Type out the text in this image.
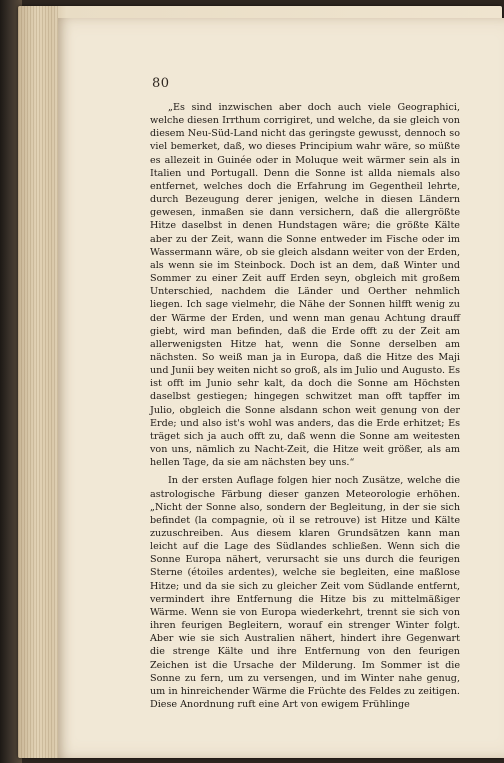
80

„Es sind inzwischen aber doch auch viele Geographici, welche diesen Irrthum corrigiret, und welche, da sie gleich von diesem Neu-Süd-Land nicht das geringste gewusst, dennoch so viel bemerket, daß, wo dieses Principium wahr wäre, so müßte es allezeit in Guinée oder in Moluque weit wärmer sein als in Italien und Portugall. Denn die Sonne ist allda niemals also entfernet, welches doch die Erfahrung im Gegentheil lehrte, durch Bezeugung derer jenigen, welche in diesen Ländern gewesen, inmaßen sie dann versichern, daß die allergrößte Hitze daselbst in denen Hundstagen wäre; die größte Kälte aber zu der Zeit, wann die Sonne entweder im Fische oder im Wassermann wäre, ob sie gleich alsdann weiter von der Erden, als wenn sie im Steinbock. Doch ist an dem, daß Winter und Sommer zu einer Zeit auff Erden seyn, obgleich mit großem Unterschied, nachdem die Länder und Oerther nehmlich liegen. Ich sage vielmehr, die Nähe der Sonnen hilfft wenig zu der Wärme der Erden, und wenn man genau Achtung drauff giebt, wird man befinden, daß die Erde offt zu der Zeit am allerwenigsten Hitze hat, wenn die Sonne derselben am nächsten. So weiß man ja in Europa, daß die Hitze des Maji und Junii bey weiten nicht so groß, als im Julio und Augusto. Es ist offt im Junio sehr kalt, da doch die Sonne am Höchsten daselbst gestiegen; hingegen schwitzet man offt tapffer im Julio, obgleich die Sonne alsdann schon weit genung von der Erde; und also ist's wohl was anders, das die Erde erhitzet; Es träget sich ja auch offt zu, daß wenn die Sonne am weitesten von uns, nämlich zu Nacht-Zeit, die Hitze weit größer, als am hellen Tage, da sie am nächsten bey uns.“

In der ersten Auflage folgen hier noch Zusätze, welche die astrologische Färbung dieser ganzen Meteorologie erhöhen. „Nicht der Sonne also, sondern der Begleitung, in der sie sich befindet (la compagnie, où il se retrouve) ist Hitze und Kälte zuzuschreiben. Aus diesem klaren Grundsätzen kann man leicht auf die Lage des Südlandes schließen. Wenn sich die Sonne Europa nähert, verursacht sie uns durch die feurigen Sterne (étoiles ardentes), welche sie begleiten, eine maßlose Hitze; und da sie sich zu gleicher Zeit vom Südlande entfernt, vermindert ihre Entfernung die Hitze bis zu mittelmäßiger Wärme. Wenn sie von Europa wiederkehrt, trennt sie sich von ihren feurigen Begleitern, worauf ein strenger Winter folgt. Aber wie sie sich Australien nähert, hindert ihre Gegenwart die strenge Kälte und ihre Entfernung von den feurigen Zeichen ist die Ursache der Milderung. Im Sommer ist die Sonne zu fern, um zu versengen, und im Winter nahe genug, um in hinreichender Wärme die Früchte des Feldes zu zeitigen. Diese Anordnung ruft eine Art von ewigem Frühlinge
